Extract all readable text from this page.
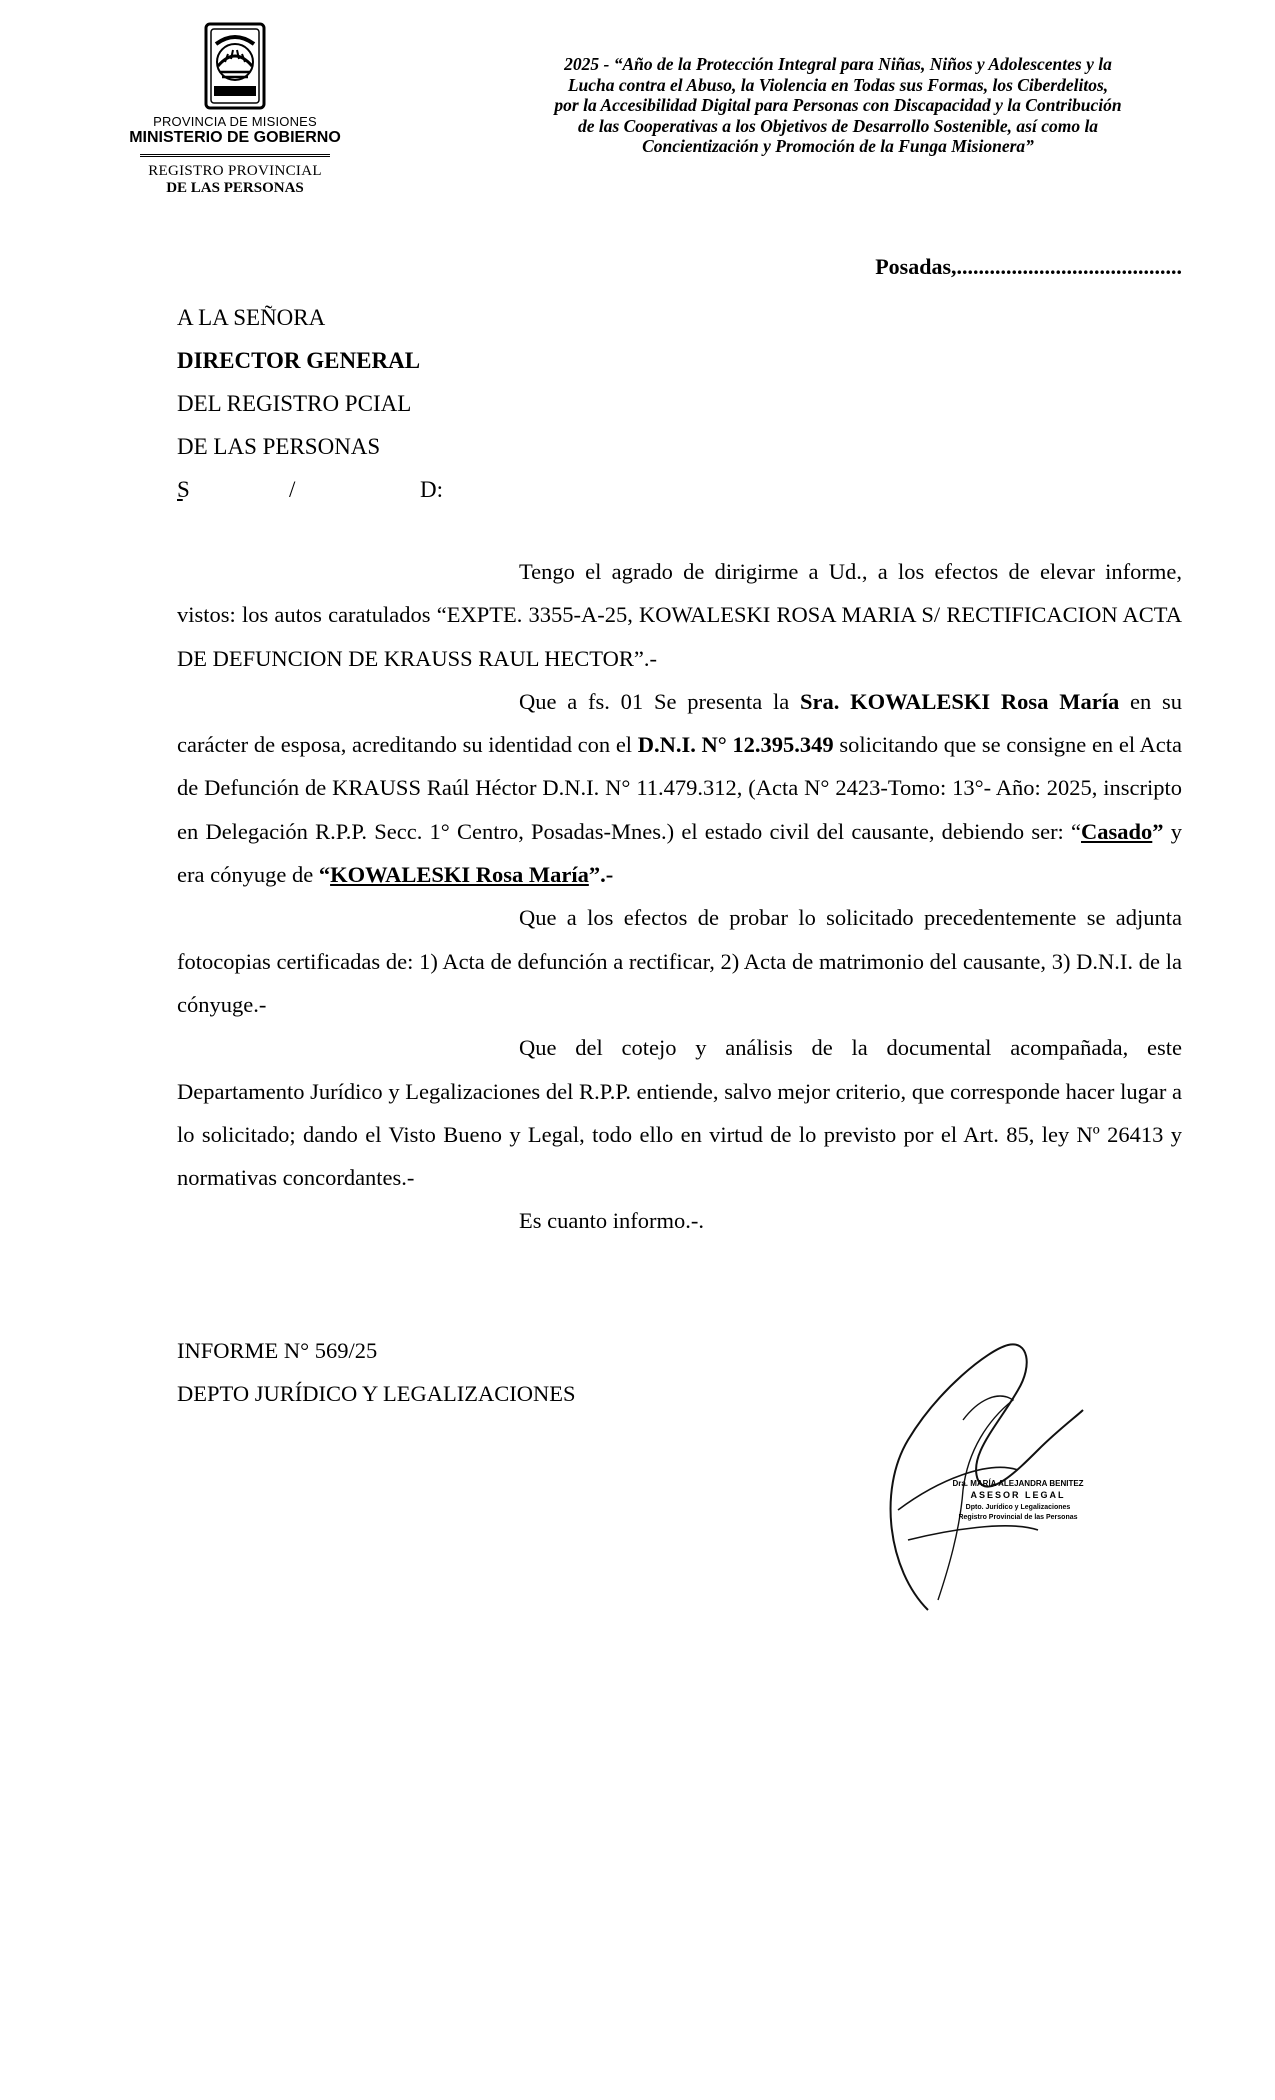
PROVINCIA DE MISIONES
MINISTERIO DE GOBIERNO
REGISTRO PROVINCIAL
DE LAS PERSONAS
2025 - “Año de la Protección Integral para Niñas, Niños y Adolescentes y la
Lucha contra el Abuso, la Violencia en Todas sus Formas, los Ciberdelitos,
por la Accesibilidad Digital para Personas con Discapacidad y la Contribución
de las Cooperativas a los Objetivos de Desarrollo Sostenible, así como la
Concientización y Promoción de la Funga Misionera”
Posadas,.........................................
A LA SEÑORA
DIRECTOR GENERAL
DEL REGISTRO PCIAL
DE LAS PERSONAS

S	/	D:

Tengo el agrado de dirigirme a Ud., a los efectos de elevar informe, vistos: los autos caratulados “EXPTE. 3355-A-25, KOWALESKI ROSA MARIA S/ RECTIFICACION ACTA DE DEFUNCION DE KRAUSS RAUL HECTOR”.-

Que a fs. 01 Se presenta la Sra. KOWALESKI Rosa María en su carácter de esposa, acreditando su identidad con el D.N.I. N° 12.395.349 solicitando que se consigne en el Acta de Defunción de KRAUSS Raúl Héctor D.N.I. N° 11.479.312, (Acta N° 2423-Tomo: 13°- Año: 2025, inscripto en Delegación R.P.P. Secc. 1° Centro, Posadas-Mnes.) el estado civil del causante, debiendo ser: “Casado” y era cónyuge de “KOWALESKI Rosa María”.-

Que a los efectos de probar lo solicitado precedentemente se adjunta fotocopias certificadas de: 1) Acta de defunción a rectificar, 2) Acta de matrimonio del causante, 3) D.N.I. de la cónyuge.-

Que del cotejo y análisis de la documental acompañada, este Departamento Jurídico y Legalizaciones del R.P.P. entiende, salvo mejor criterio, que corresponde hacer lugar a lo solicitado; dando el Visto Bueno y Legal, todo ello en virtud de lo previsto por el Art. 85, ley Nº 26413 y normativas concordantes.-

Es cuanto informo.-.

INFORME N° 569/25
DEPTO JURÍDICO Y LEGALIZACIONES
Dra. MARÍA ALEJANDRA BENITEZ
ASESOR LEGAL
Dpto. Jurídico y Legalizaciones
Registro Provincial de las Personas
